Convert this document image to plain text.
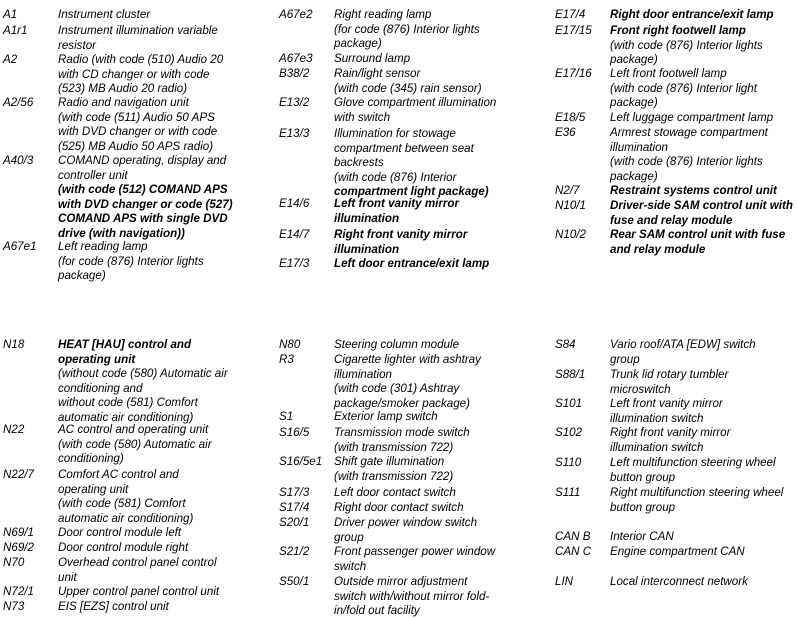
A1	Instrument cluster
A1r1	Instrument illumination variable
resistor
A2	Radio (with code (510) Audio 20
with CD changer or with code
(523) MB Audio 20 radio)
A2/56 Radio and navigation unit
(with code (511) Audio 50 APS
with DVD changer or with code
(525) MB Audio 50 APS radio)
A40/3 COMAND operating, display and
controller unit
(with code (512) COMAND APS
with DVD changer or code (527)
COMAND APS with single DVD
drive (with navigation))
A67e1 Left reading lamp
(for code (876) Interior lights
package)
N18	HEAT [HAU] control and
operating unit
(without code (580) Automatic air
conditioning and
without code (581) Comfort
automatic air conditioning)
N22	AC control and operating unit
(with code (580) Automatic air
conditioning)
N22/7 Comfort AC control and
operating unit
(with code (581) Comfort
automatic air conditioning)
N69/1 Door control module left
N69/2 Door control module right
N70	Overhead control panel control
unit
N72/1 Upper control panel control unit
N73	EIS [EZS] control unit
A67e2 Right reading lamp
(for code (876) Interior lights
package)
A67e3 Surround lamp
B38/2 Rain/light sensor
(with code (345) rain sensor)
E13/2 Glove compartment illumination
with switch
E13/3 Illumination for stowage
compartment between seat
backrests
(with code (876) Interior
compartment light package)
E14/6 Left front vanity mirror
illumination
E14/7 Right front vanity mirror
illumination
E17/3 Left door entrance/exit lamp
N80	Steering column module
R3	Cigarette lighter with ashtray
illumination
(with code (301) Ashtray
package/smoker package)
S1	Exterior lamp switch
S16/5 Transmission mode switch
(with transmission 722)
S16/5e1 Shift gate illumination
(with transmission 722)
S17/3 Left door contact switch
S17/4 Right door contact switch
S20/1 Driver power window switch
group
S21/2 Front passenger power window
switch
S50/1 Outside mirror adjustment
switch with/without mirror fold-
in/fold out facility
E17/4 Right door entrance/exit lamp
E17/15 Front right footwell lamp
(with code (876) Interior lights
package)
E17/16 Left front footwell lamp
(with code (876) Interior light
package)
E18/5 Left luggage compartment lamp
E36	Armrest stowage compartment
illumination
(with code (876) Interior lights
package)
N2/7	Restraint systems control unit
N10/1 Driver-side SAM control unit with
fuse and relay module
N10/2 Rear SAM control unit with fuse
and relay module
S84	Vario roof/ATA [EDW] switch
group
S88/1 Trunk lid rotary tumbler
microswitch
S101 Left front vanity mirror
illumination switch
S102 Right front vanity mirror
illumination switch
S110 Left multifunction steering wheel
button group
S111	Right multifunction steering wheel
button group
CAN B Interior CAN
CAN C Engine compartment CAN
LIN	Local interconnect network
